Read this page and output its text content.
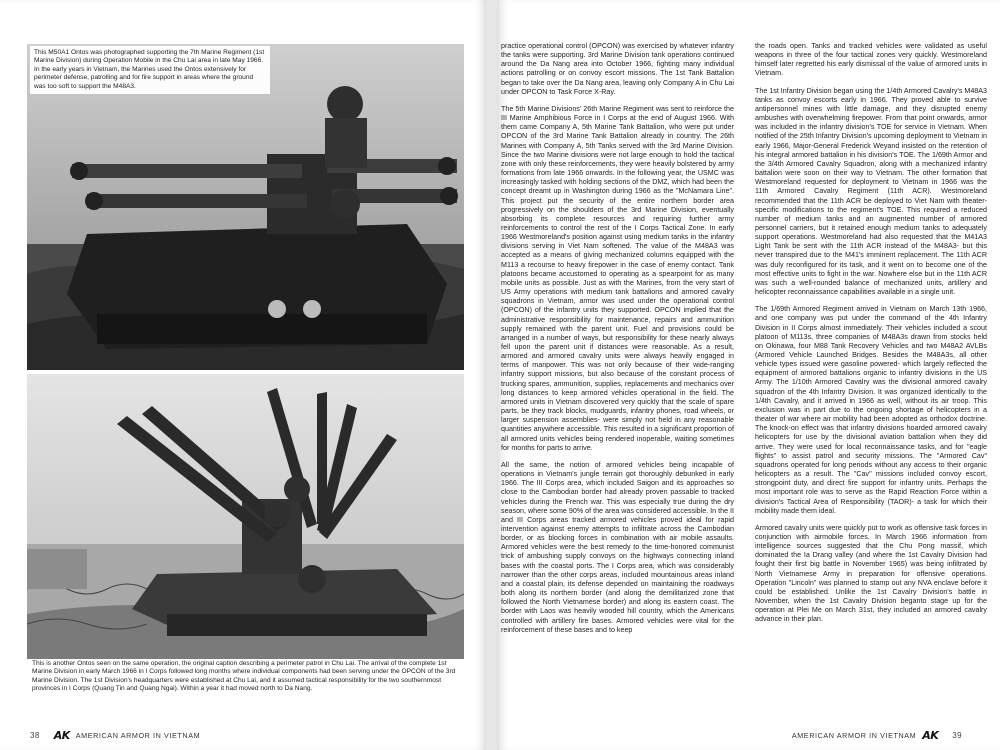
This M50A1 Ontos was photographed supporting the 7th Marine Regiment (1st Marine Division) during Operation Mobile in the Chu Lai area in late May 1966. In the early years in Vietnam, the Marines used the Ontos extensively for perimeter defense, patrolling and for fire support in areas where the ground was too soft to support the M48A3.
This is another Ontos seen on the same operation, the original caption describing a perimeter patrol in Chu Lai. The arrival of the complete 1st Marine Division in early March 1966 in I Corps followed long months where individual components had been serving under the OPCON of the 3rd Marine Division. The 1st Division's headquarters were established at Chu Lai, and it assumed tactical responsibility for the two southernmost provinces in I Corps (Quang Tin and Quang Ngai). Within a year it had moved north to Da Nang.
38 AK AMERICAN ARMOR IN VIETNAM

practice operational control (OPCON) was exercised by whatever infantry the tanks were supporting. 3rd Marine Division tank operations continued around the Da Nang area into October 1966, fighting many individual actions patrolling or on convoy escort missions. The 1st Tank Battalion began to take over the Da Nang area, leaving only Company A in Chu Lai under OPCON to Task Force X-Ray.

The 5th Marine Divisions' 26th Marine Regiment was sent to reinforce the III Marine Amphibious Force in I Corps at the end of August 1966. With them came Company A, 5th Marine Tank Battalion, who were put under OPCON of the 3rd Marine Tank Battalion already in country. The 26th Marines with Company A, 5th Tanks served with the 3rd Marine Division. Since the two Marine divisions were not large enough to hold the tactical zone with only these reinforcements, they were heavily bolstered by army formations from late 1966 onwards. In the following year, the USMC was increasingly tasked with holding sections of the DMZ, which had been the concept dreamt up in Washington during 1966 as the "McNamara Line". This project put the security of the entire northern border area progressively on the shoulders of the 3rd Marine Division, eventually absorbing its complete resources and requiring further army reinforcements to control the rest of the I Corps Tactical Zone. In early 1966 Westmoreland's position against using medium tanks in the infantry divisions serving in Viet Nam softened. The value of the M48A3 was accepted as a means of giving mechanized columns equipped with the M113 a recourse to heavy firepower in the case of enemy contact. Tank platoons became accustomed to operating as a spearpoint for as many mobile units as possible. Just as with the Marines, from the very start of US Army operations with medium tank battalions and armored cavalry squadrons in Vietnam, armor was used under the operational control (OPCON) of the infantry units they supported. OPCON implied that the administrative responsibility for maintenance, repairs and ammunition supply remained with the parent unit. Fuel and provisions could be arranged in a number of ways, but responsibility for these nearly always fell upon the parent unit if distances were reasonable. As a result, armored and armored cavalry units were always heavily engaged in terms of manpower. This was not only because of their wide-ranging infantry support missions, but also because of the constant process of trucking spares, ammunition, supplies, replacements and mechanics over long distances to keep armored vehicles operational in the field. The armored units in Vietnam discovered very quickly that the scale of spare parts, be they track blocks, mudguards, infantry phones, road wheels, or larger suspension assemblies- were simply not held in any reasonable quantities anywhere accessible. This resulted in a significant proportion of all armored units vehicles being rendered inoperable, waiting sometimes for months for parts to arrive.

All the same, the notion of armored vehicles being incapable of operations in Vietnam's jungle terrain got thoroughly debunked in early 1966. The III Corps area, which included Saigon and its approaches so close to the Cambodian border had already proven passable to tracked vehicles during the French war. This was especially true during the dry season, where some 90% of the area was considered accessible. In the II and III Corps areas tracked armored vehicles proved ideal for rapid intervention against enemy attempts to infiltrate across the Cambodian border, or as blocking forces in combination with air mobile assaults. Armored vehicles were the best remedy to the time-honored communist trick of ambushing supply convoys on the highways connecting inland bases with the coastal ports. The I Corps area, which was considerably narrower than the other corps areas, included mountainous areas inland and a coastal plain, its defense depended on maintaining the roadways both along its northern border (and along the demilitarized zone that followed the North Vietnamese border) and along its eastern coast. The border with Laos was heavily wooded hill country, which the Americans controlled with artillery fire bases. Armored vehicles were vital for the reinforcement of these bases and to keep

the roads open. Tanks and tracked vehicles were validated as useful weapons in three of the four tactical zones very quickly. Westmoreland himself later regretted his early dismissal of the value of armored units in Vietnam.

The 1st Infantry Division began using the 1/4th Armored Cavalry's M48A3 tanks as convoy escorts early in 1966. They proved able to survive antipersonnel mines with little damage, and they disrupted enemy ambushes with overwhelming firepower. From that point onwards, armor was included in the infantry division's TOE for service in Vietnam. When notified of the 25th Infantry Division's upcoming deployment to Vietnam in early 1966, Major-General Frederick Weyand insisted on the retention of his integral armored battalion in his division's TOE. The 1/69th Armor and the 3/4th Armored Cavalry Squadron, along with a mechanized infantry battalion were soon on their way to Vietnam. The other formation that Westmoreland requested for deployment to Vietnam in 1966 was the 11th Armored Cavalry Regiment (11th ACR). Westmoreland recommended that the 11th ACR be deployed to Viet Nam with theater-specific modifications to the regiment's TOE. This required a reduced number of medium tanks and an augmented number of armored personnel carriers, but it retained enough medium tanks to adequately support operations. Westmoreland had also requested that the M41A3 Light Tank be sent with the 11th ACR instead of the M48A3- but this never transpired due to the M41's imminent replacement. The 11th ACR was duly reconfigured for its task, and it went on to become one of the most effective units to fight in the war. Nowhere else but in the 11th ACR was such a well-rounded balance of mechanized units, artillery and helicopter reconnaissance capabilities available in a single unit.

The 1/69th Armored Regiment arrived in Vietnam on March 13th 1966, and one company was put under the command of the 4th Infantry Division in II Corps almost immediately. Their vehicles included a scout platoon of M113s, three companies of M48A3s drawn from stocks held on Okinawa, four M88 Tank Recovery Vehicles and two M48A2 AVLBs (Armored Vehicle Launched Bridges. Besides the M48A3s, all other vehicle types issued were gasoline powered- which largely reflected the equipment of armored battalions organic to infantry divisions in the US Army. The 1/10th Armored Cavalry was the divisional armored cavalry squadron of the 4th Infantry Division. It was organized identically to the 1/4th Cavalry, and it arrived in 1966 as well, without its air troop. This exclusion was in part due to the ongoing shortage of helicopters in a theater of war where air mobility had been adopted as orthodox doctrine. The knock-on effect was that infantry divisions hoarded armored cavalry helicopters for use by the divisional aviation battalion when they did arrive. They were used for local reconnaissance tasks, and for "eagle flights" to assist patrol and security missions. The "Armored Cav" squadrons operated for long periods without any access to their organic helicopters as a result. The "Cav" missions included convoy escort, strongpoint duty, and direct fire support for infantry units. Perhaps the most important role was to serve as the Rapid Reaction Force within a division's Tactical Area of Responsibility (TAOR)- a task for which their mobility made them ideal.

Armored cavalry units were quickly put to work as offensive task forces in conjunction with airmobile forces. In March 1966 information from intelligence sources suggested that the Chu Pong massif, which dominated the Ia Drang valley (and where the 1st Cavalry Division had fought their first big battle in November 1965) was being infiltrated by North Vietnamese Army in preparation for offensive operations. Operation "Lincoln" was planned to stamp out any NVA enclave before it could be established. Unlike the 1st Cavalry Division's battle in November, when the 1st Cavalry Division beganto stage up for the operation at Plei Me on March 31st, they included an armored cavalry advance in their plan.

AMERICAN ARMOR IN VIETNAM AK 39
